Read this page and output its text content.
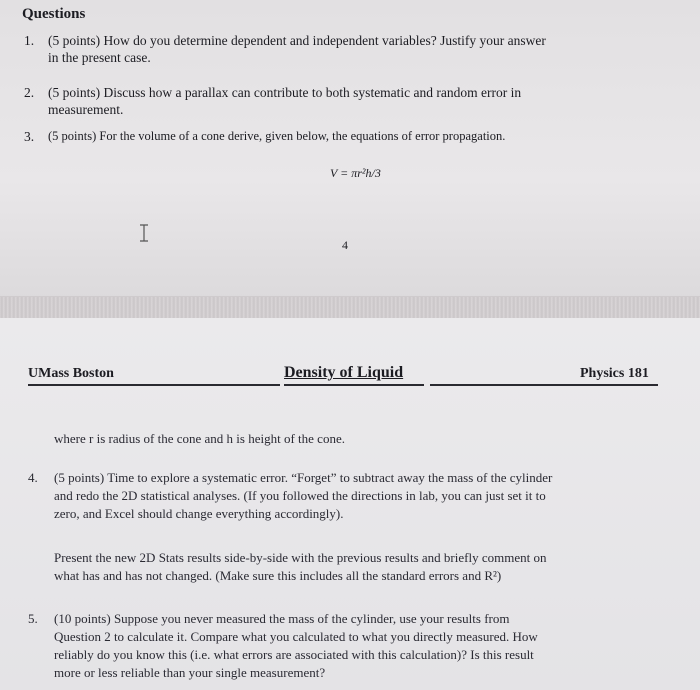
Questions
1.	(5 points) How do you determine dependent and independent variables? Justify your answer
in the present case.
2.	(5 points) Discuss how a parallax can contribute to both systematic and random error in
measurement.
3.	(5 points) For the volume of a cone derive, given below, the equations of error propagation.
V = πr²h/3
4
UMass Boston	Density of Liquid	Physics 181
where r is radius of the cone and h is height of the cone.
4. (5 points) Time to explore a systematic error. “Forget” to subtract away the mass of the cylinder
and redo the 2D statistical analyses. (If you followed the directions in lab, you can just set it to
zero, and Excel should change everything accordingly).
Present the new 2D Stats results side-by-side with the previous results and briefly comment on
what has and has not changed. (Make sure this includes all the standard errors and R²)
5. (10 points) Suppose you never measured the mass of the cylinder, use your results from
Question 2 to calculate it. Compare what you calculated to what you directly measured. How
reliably do you know this (i.e. what errors are associated with this calculation)? Is this result
more or less reliable than your single measurement?
